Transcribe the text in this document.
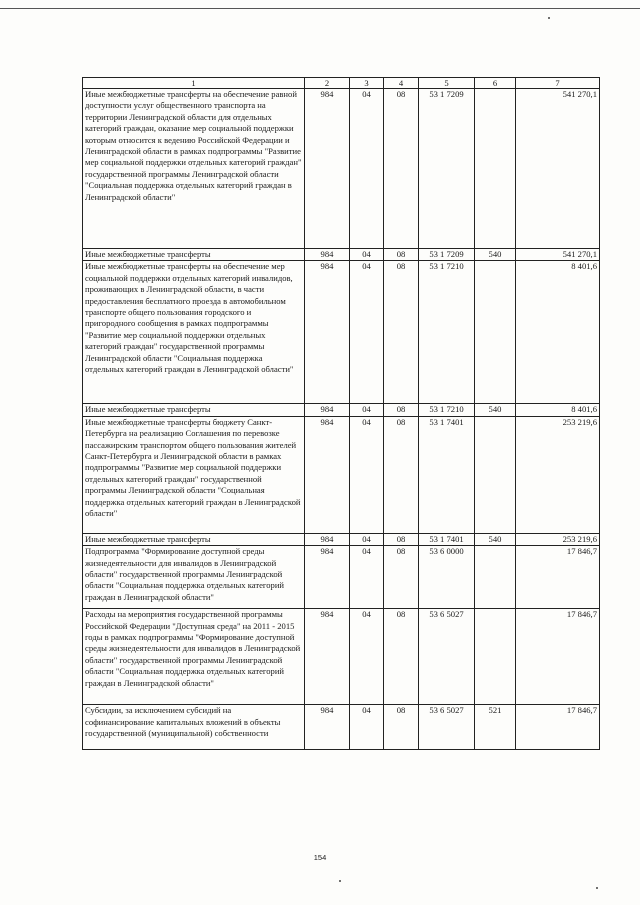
1	2	3	4	5	6	7
Иные межбюджетные трансферты на обеспечение равной доступности услуг общественного транспорта на территории Ленинградской области для отдельных категорий граждан, оказание мер социальной поддержки которым относится к ведению Российской Федерации и Ленинградской области в рамках подпрограммы "Развитие мер социальной поддержки отдельных категорий граждан" государственной программы Ленинградской области "Социальная поддержка отдельных категорий граждан в Ленинградской области"	984	04	08	53 1 7209		541 270,1
Иные межбюджетные трансферты	984	04	08	53 1 7209	540	541 270,1
Иные межбюджетные трансферты на обеспечение мер социальной поддержки отдельных категорий инвалидов, проживающих в Ленинградской области, в части предоставления бесплатного проезда в автомобильном транспорте общего пользования городского и пригородного сообщения в рамках подпрограммы "Развитие мер социальной поддержки отдельных категорий граждан" государственной программы Ленинградской области "Социальная поддержка отдельных категорий граждан в Ленинградской области"	984	04	08	53 1 7210		8 401,6
Иные межбюджетные трансферты	984	04	08	53 1 7210	540	8 401,6
Иные межбюджетные трансферты бюджету Санкт-Петербурга на реализацию Соглашения по перевозке пассажирским транспортом общего пользования жителей Санкт-Петербурга и Ленинградской области в рамках подпрограммы "Развитие мер социальной поддержки отдельных категорий граждан" государственной программы Ленинградской области "Социальная поддержка отдельных категорий граждан в Ленинградской области"	984	04	08	53 1 7401		253 219,6
Иные межбюджетные трансферты	984	04	08	53 1 7401	540	253 219,6
Подпрограмма "Формирование доступной среды жизнедеятельности для инвалидов в Ленинградской области" государственной программы Ленинградской области "Социальная поддержка отдельных категорий граждан в Ленинградской области"	984	04	08	53 6 0000		17 846,7
Расходы на мероприятия государственной программы Российской Федерации "Доступная среда" на 2011 - 2015 годы в рамках подпрограммы "Формирование доступной среды жизнедеятельности для инвалидов в Ленинградской области" государственной программы Ленинградской области "Социальная поддержка отдельных категорий граждан в Ленинградской области"	984	04	08	53 6 5027		17 846,7
Субсидии, за исключением субсидий на софинансирование капитальных вложений в объекты государственной (муниципальной) собственности	984	04	08	53 6 5027	521	17 846,7
154
